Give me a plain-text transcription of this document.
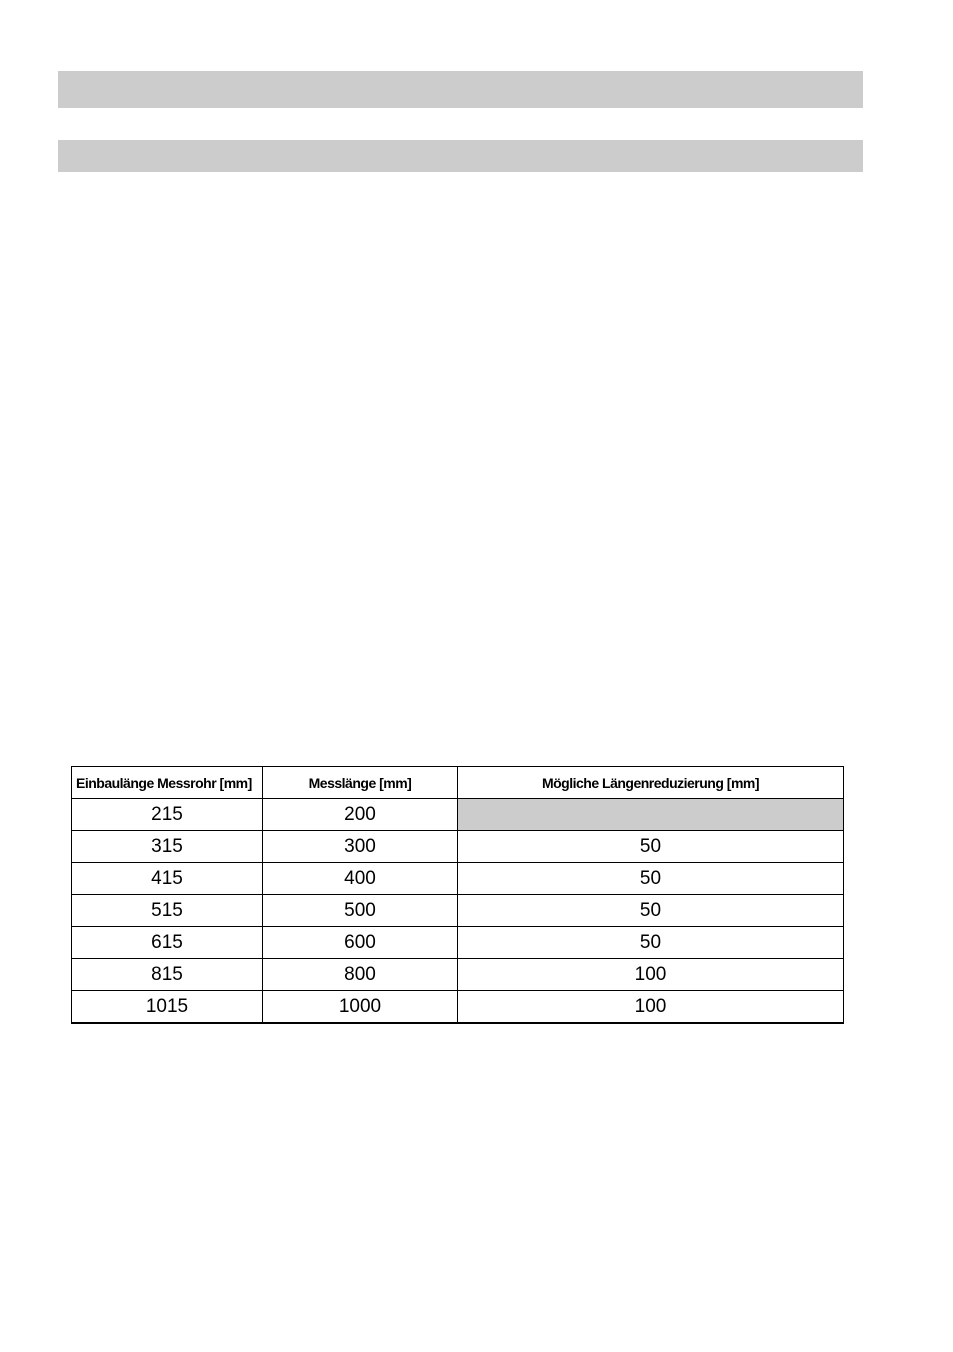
Einbaulänge Messrohr [mm]	Messlänge [mm]	Mögliche Längenreduzierung [mm]
215	200	
315	300	50
415	400	50
515	500	50
615	600	50
815	800	100
1015	1000	100
